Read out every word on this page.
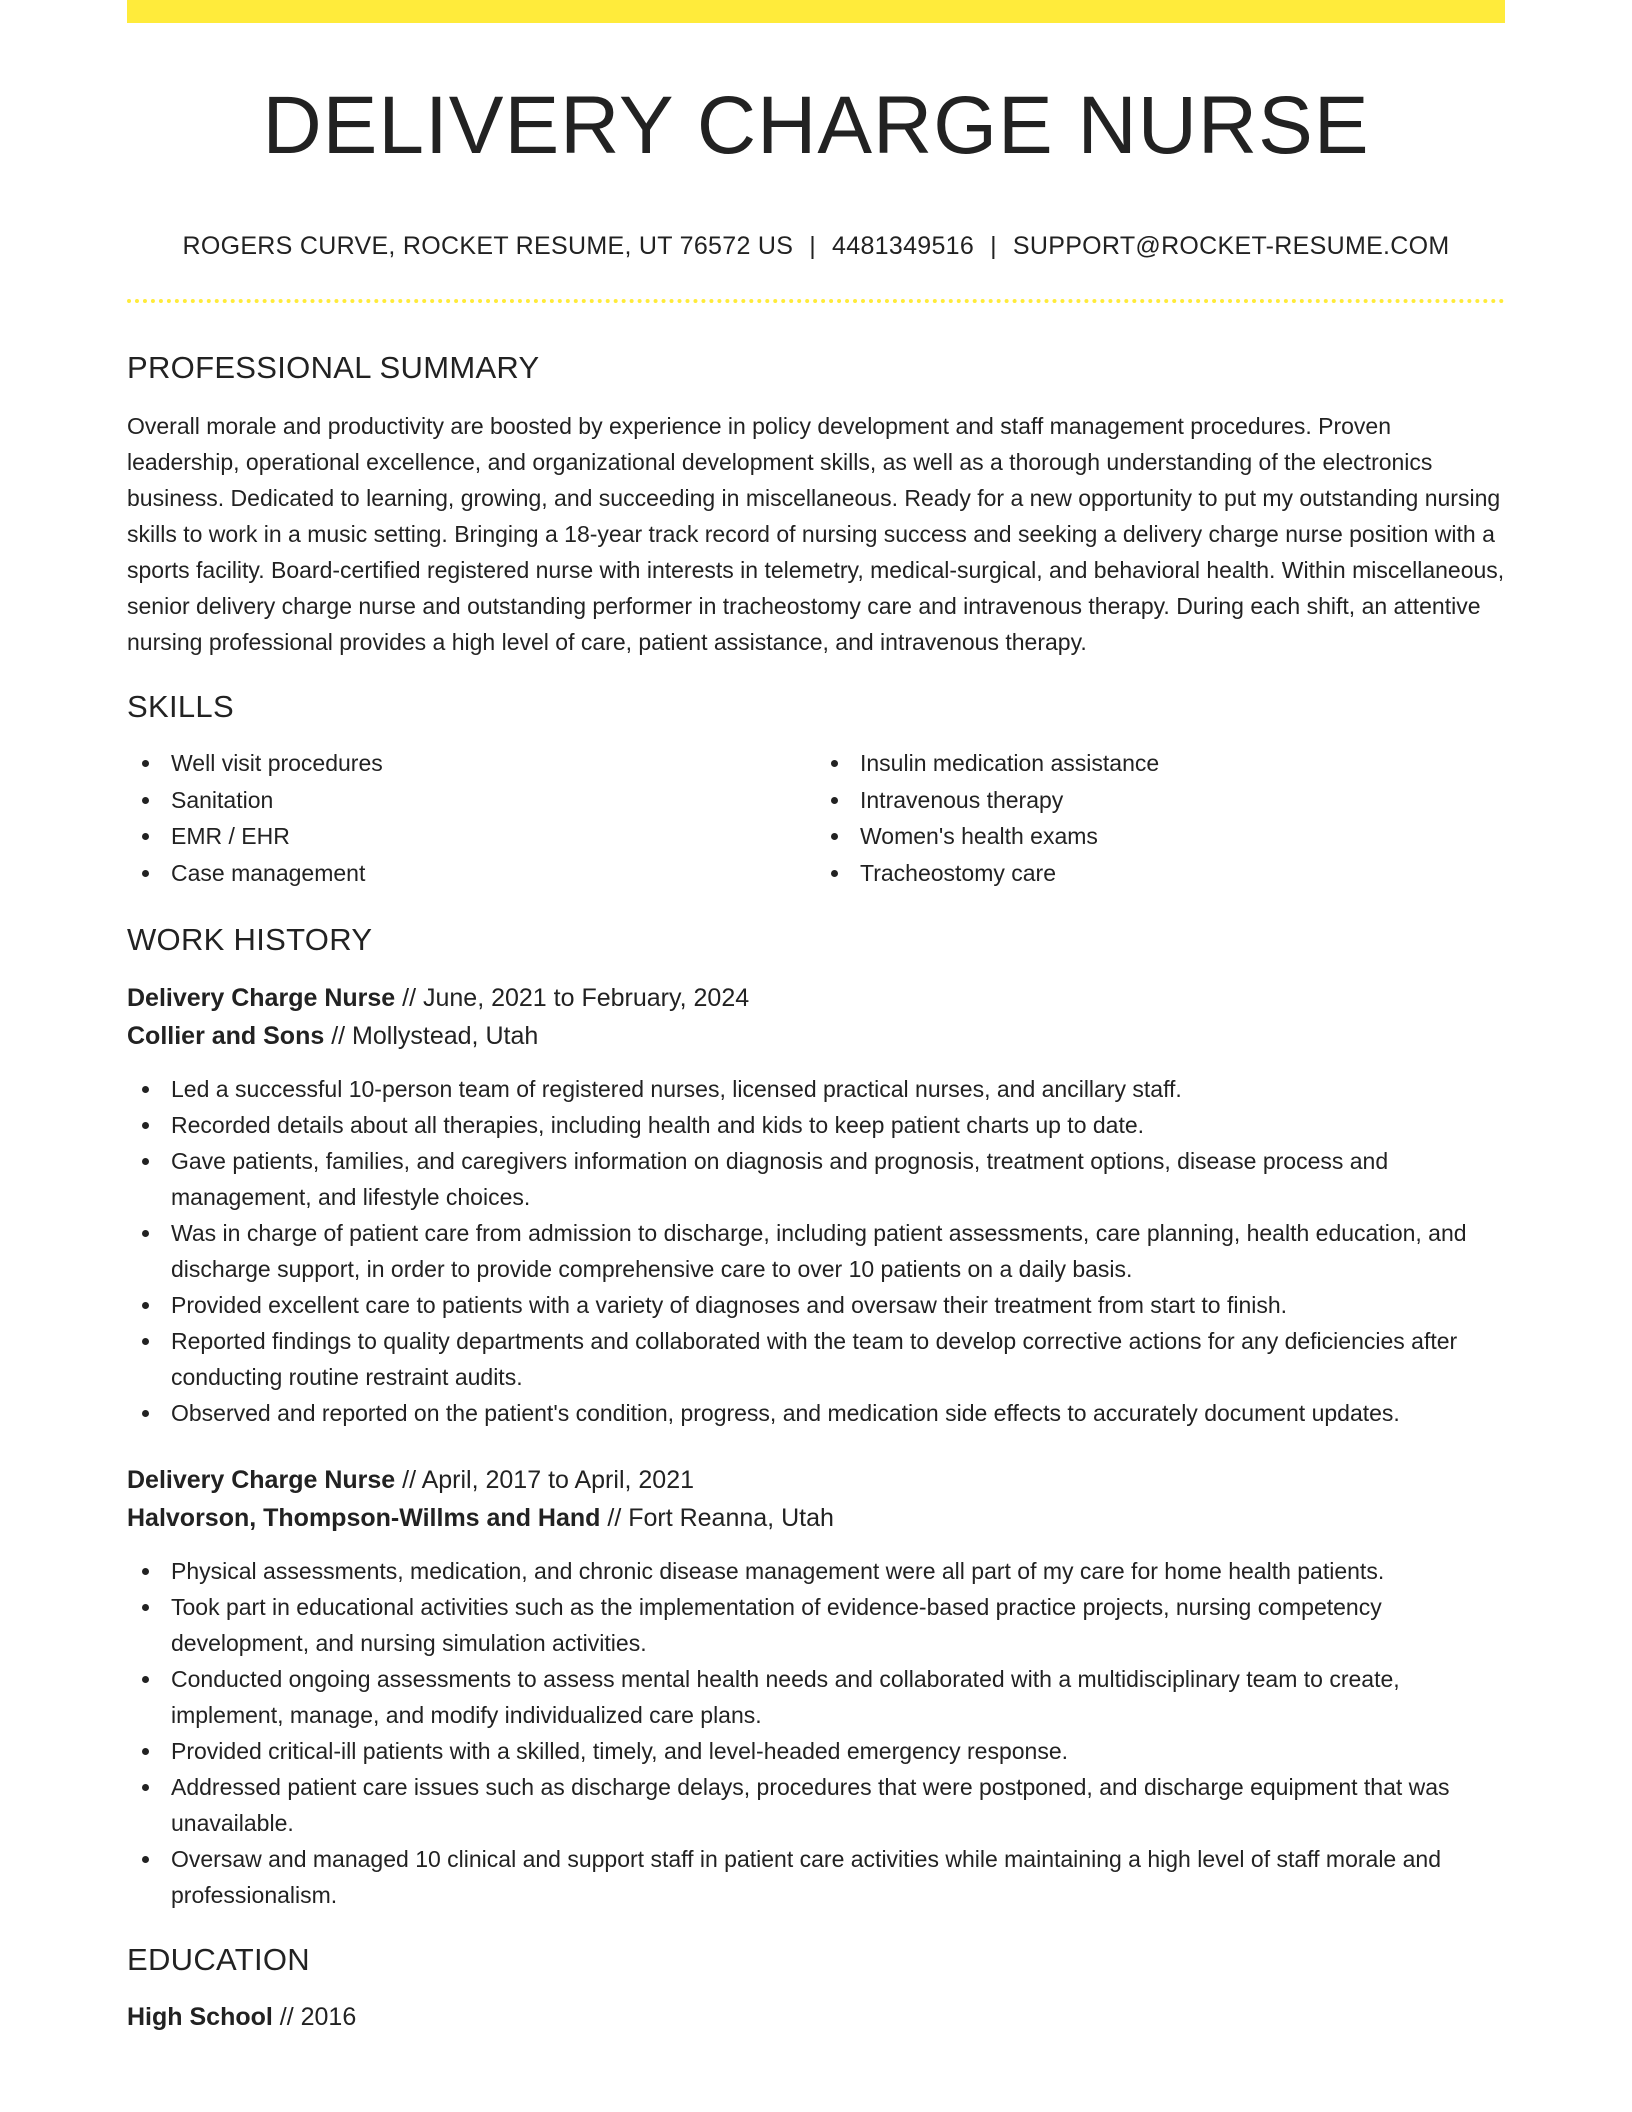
DELIVERY CHARGE NURSE
ROGERS CURVE, ROCKET RESUME, UT 76572 US | 4481349516 | SUPPORT@ROCKET-RESUME.COM
PROFESSIONAL SUMMARY

Overall morale and productivity are boosted by experience in policy development and staff management procedures. Proven leadership, operational excellence, and organizational development skills, as well as a thorough understanding of the electronics business. Dedicated to learning, growing, and succeeding in miscellaneous. Ready for a new opportunity to put my outstanding nursing skills to work in a music setting. Bringing a 18-year track record of nursing success and seeking a delivery charge nurse position with a sports facility. Board-certified registered nurse with interests in telemetry, medical-surgical, and behavioral health. Within miscellaneous, senior delivery charge nurse and outstanding performer in tracheostomy care and intravenous therapy. During each shift, an attentive nursing professional provides a high level of care, patient assistance, and intravenous therapy.

SKILLS
Well visit procedures
Sanitation
EMR / EHR
Case management
Insulin medication assistance
Intravenous therapy
Women's health exams
Tracheostomy care
WORK HISTORY
Delivery Charge Nurse // June, 2021 to February, 2024
Collier and Sons // Mollystead, Utah
Led a successful 10-person team of registered nurses, licensed practical nurses, and ancillary staff.
Recorded details about all therapies, including health and kids to keep patient charts up to date.
Gave patients, families, and caregivers information on diagnosis and prognosis, treatment options, disease process and management, and lifestyle choices.
Was in charge of patient care from admission to discharge, including patient assessments, care planning, health education, and discharge support, in order to provide comprehensive care to over 10 patients on a daily basis.
Provided excellent care to patients with a variety of diagnoses and oversaw their treatment from start to finish.
Reported findings to quality departments and collaborated with the team to develop corrective actions for any deficiencies after conducting routine restraint audits.
Observed and reported on the patient's condition, progress, and medication side effects to accurately document updates.
Delivery Charge Nurse // April, 2017 to April, 2021
Halvorson, Thompson-Willms and Hand // Fort Reanna, Utah
Physical assessments, medication, and chronic disease management were all part of my care for home health patients.
Took part in educational activities such as the implementation of evidence-based practice projects, nursing competency development, and nursing simulation activities.
Conducted ongoing assessments to assess mental health needs and collaborated with a multidisciplinary team to create, implement, manage, and modify individualized care plans.
Provided critical-ill patients with a skilled, timely, and level-headed emergency response.
Addressed patient care issues such as discharge delays, procedures that were postponed, and discharge equipment that was unavailable.
Oversaw and managed 10 clinical and support staff in patient care activities while maintaining a high level of staff morale and professionalism.
EDUCATION
High School // 2016
